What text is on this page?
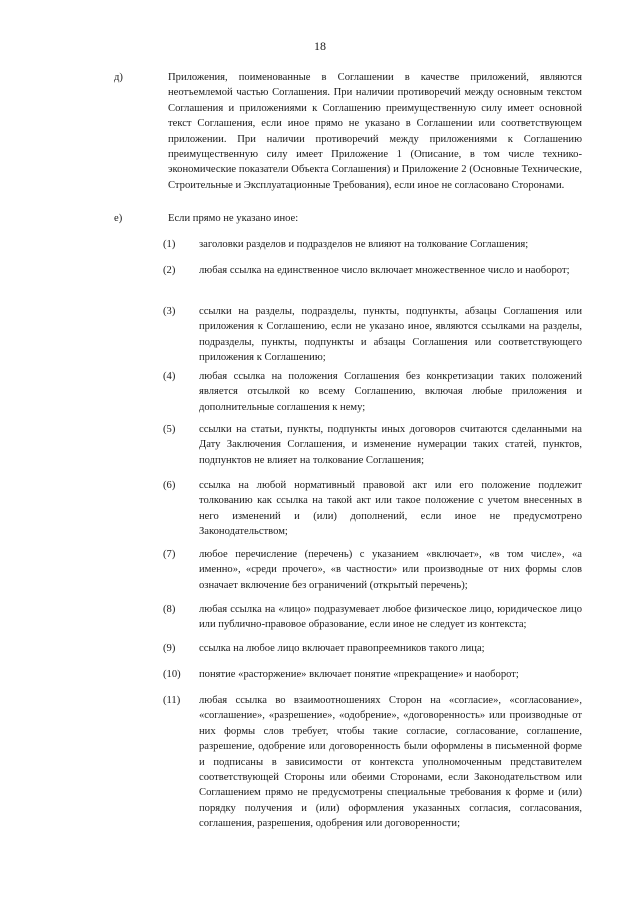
18
д)	Приложения, поименованные в Соглашении в качестве приложений, являются неотъемлемой частью Соглашения. При наличии противоречий между основным текстом Соглашения и приложениями к Соглашению преимущественную силу имеет основной текст Соглашения, если иное прямо не указано в Соглашении или соответствующем приложении. При наличии противоречий между приложениями к Соглашению преимущественную силу имеет Приложение 1 (Описание, в том числе технико-экономические показатели Объекта Соглашения) и Приложение 2 (Основные Технические, Строительные и Эксплуатационные Требования), если иное не согласовано Сторонами.
е)	Если прямо не указано иное:
(1) заголовки разделов и подразделов не влияют на толкование Соглашения;
(2) любая ссылка на единственное число включает множественное число и наоборот;
(3) ссылки на разделы, подразделы, пункты, подпункты, абзацы Соглашения или приложения к Соглашению, если не указано иное, являются ссылками на разделы, подразделы, пункты, подпункты и абзацы Соглашения или соответствующего приложения к Соглашению;
(4) любая ссылка на положения Соглашения без конкретизации таких положений является отсылкой ко всему Соглашению, включая любые приложения и дополнительные соглашения к нему;
(5) ссылки на статьи, пункты, подпункты иных договоров считаются сделанными на Дату Заключения Соглашения, и изменение нумерации таких статей, пунктов, подпунктов не влияет на толкование Соглашения;
(6) ссылка на любой нормативный правовой акт или его положение подлежит толкованию как ссылка на такой акт или такое положение с учетом внесенных в него изменений и (или) дополнений, если иное не предусмотрено Законодательством;
(7) любое перечисление (перечень) с указанием «включает», «в том числе», «а именно», «среди прочего», «в частности» или производные от них формы слов означает включение без ограничений (открытый перечень);
(8) любая ссылка на «лицо» подразумевает любое физическое лицо, юридическое лицо или публично-правовое образование, если иное не следует из контекста;
(9) ссылка на любое лицо включает правопреемников такого лица;
(10) понятие «расторжение» включает понятие «прекращение» и наоборот;
(11) любая ссылка во взаимоотношениях Сторон на «согласие», «согласование», «соглашение», «разрешение», «одобрение», «договоренность» или производные от них формы слов требует, чтобы такие согласие, согласование, соглашение, разрешение, одобрение или договоренность были оформлены в письменной форме и подписаны в зависимости от контекста уполномоченным представителем соответствующей Стороны или обеими Сторонами, если Законодательством или Соглашением прямо не предусмотрены специальные требования к форме и (или) порядку получения и (или) оформления указанных согласия, согласования, соглашения, разрешения, одобрения или договоренности;
